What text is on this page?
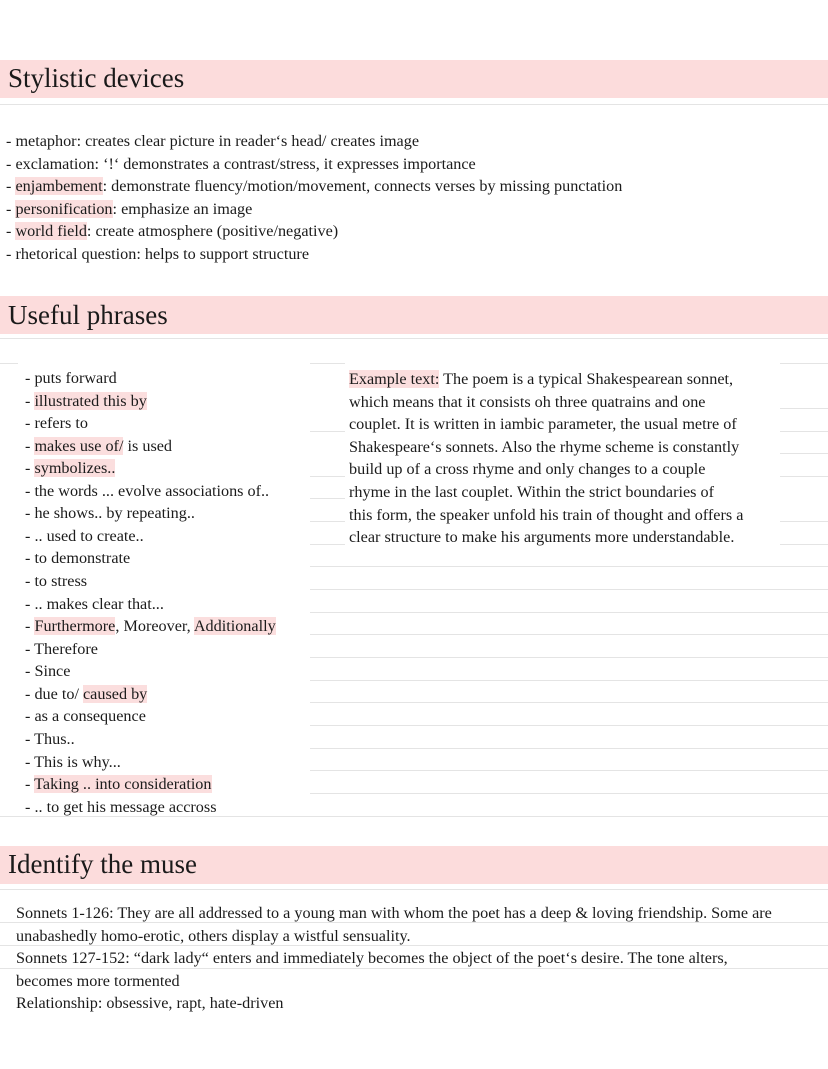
Stylistic devices
- metaphor: creates clear picture in reader‘s head/ creates image
- exclamation: ‘!‘ demonstrates a contrast/stress, it expresses importance
- enjambement: demonstrate fluency/motion/movement, connects verses by missing punctation
- personification: emphasize an image
- world field: create atmosphere (positive/negative)
- rhetorical question: helps to support structure
Useful phrases
- puts forward
- illustrated this by
- refers to
- makes use of/ is used
- symbolizes..
- the words ... evolve associations of..
- he shows.. by repeating..
- .. used to create..
- to demonstrate
- to stress
- .. makes clear that...
- Furthermore, Moreover, Additionally
- Therefore
- Since
- due to/ caused by
- as a consequence
- Thus..
- This is why...
- Taking .. into consideration
- .. to get his message accross

Example text: The poem is a typical Shakespearean sonnet,

which means that it consists oh three quatrains and one

couplet. It is written in iambic parameter, the usual metre of

Shakespeare‘s sonnets. Also the rhyme scheme is constantly

build up of a cross rhyme and only changes to a couple

rhyme in the last couplet. Within the strict boundaries of

this form, the speaker unfold his train of thought and offers a

clear structure to make his arguments more understandable.

Identify the muse

Sonnets 1-126: They are all addressed to a young man with whom the poet has a deep & loving friendship. Some are

unabashedly homo-erotic, others display a wistful sensuality.

Sonnets 127-152: “dark lady“ enters and immediately becomes the object of the poet‘s desire. The tone alters,

becomes more tormented

Relationship: obsessive, rapt, hate-driven
